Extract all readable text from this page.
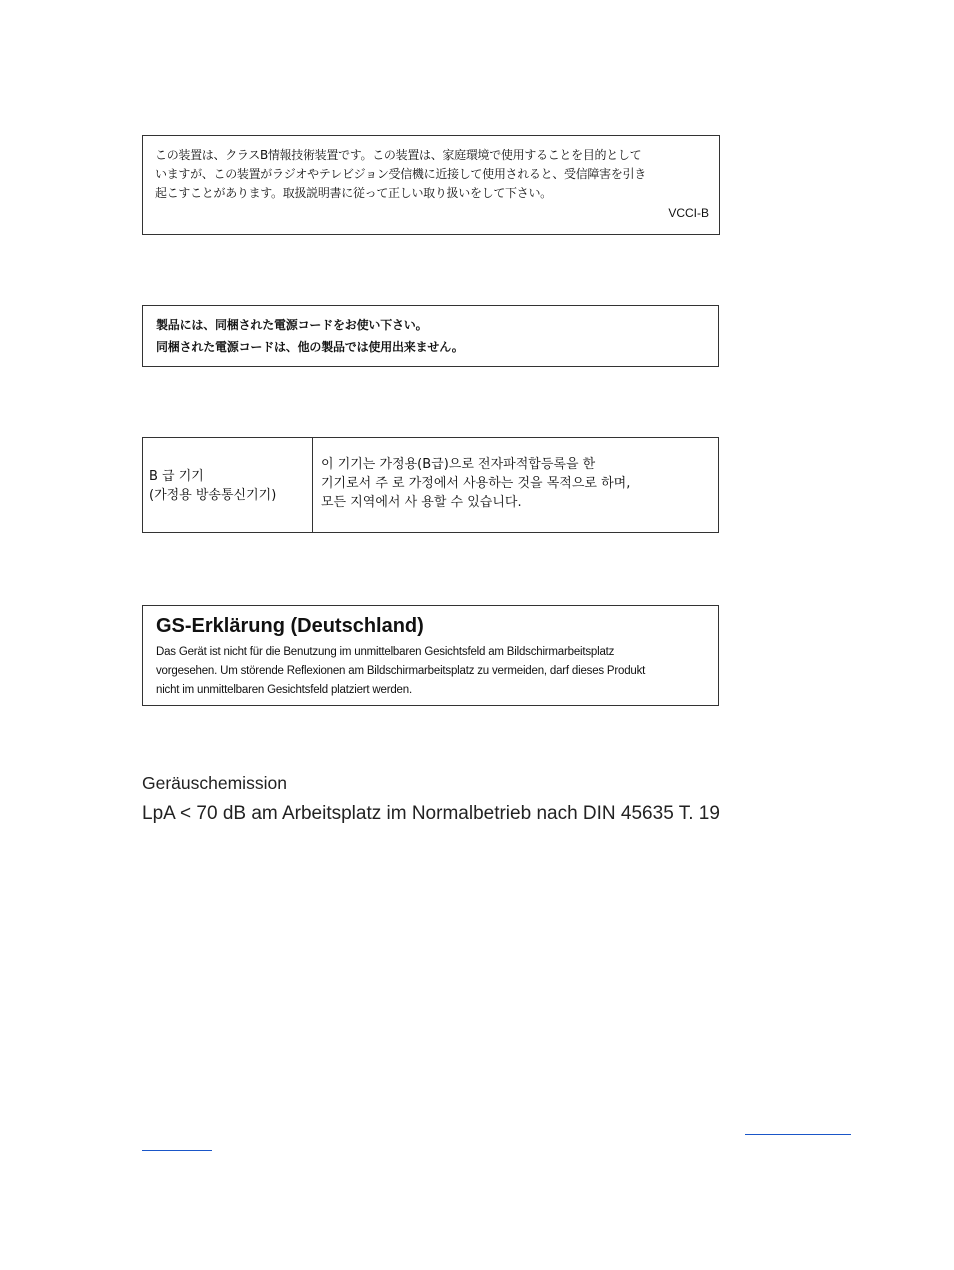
この装置は、クラスB情報技術装置です。この装置は、家庭環境で使用することを目的として
いますが、この装置がラジオやテレビジョン受信機に近接して使用されると、受信障害を引き
起こすことがあります。取扱説明書に従って正しい取り扱いをして下さい。
VCCI-B
製品には、同梱された電源コードをお使い下さい。
同梱された電源コードは、他の製品では使用出来ません。
B 급 기기
(가정용 방송통신기기)
이 기기는 가정용(B급)으로 전자파적합등록을 한
기기로서 주 로 가정에서 사용하는 것을 목적으로 하며,
모든 지역에서 사 용할 수 있습니다.
GS-Erklärung (Deutschland)
Das Gerät ist nicht für die Benutzung im unmittelbaren Gesichtsfeld am Bildschirmarbeitsplatz
vorgesehen. Um störende Reflexionen am Bildschirmarbeitsplatz zu vermeiden, darf dieses Produkt
nicht im unmittelbaren Gesichtsfeld platziert werden.
Geräuschemission
LpA < 70 dB am Arbeitsplatz im Normalbetrieb nach DIN 45635 T. 19
